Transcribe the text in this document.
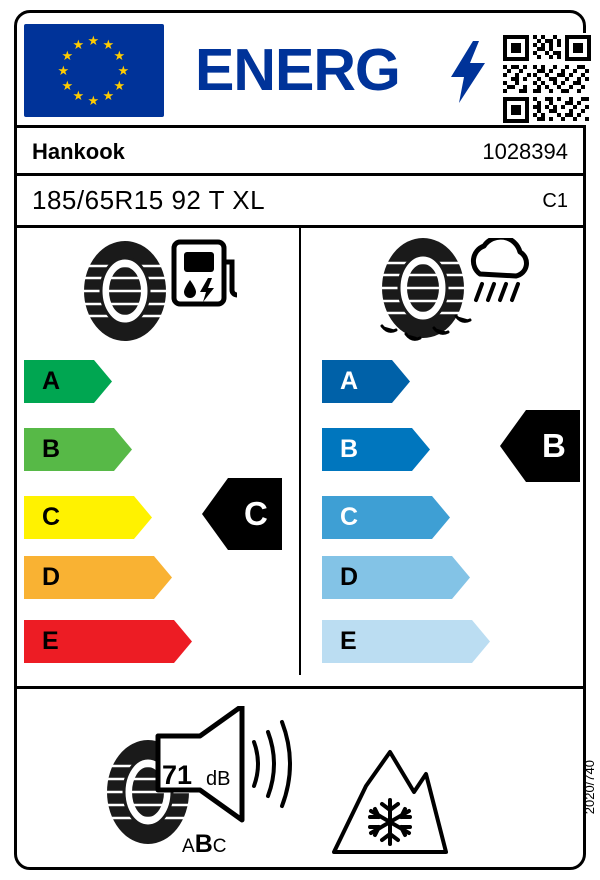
★ ★
★
★
★
★
★
★
★
★
★
★ ENERG
Hankook	1028394
185/65R15 92 T XL	C1
A
B
C
D
E
C
A
B
C
D
E
B
71 dB
ABC
2020/740
